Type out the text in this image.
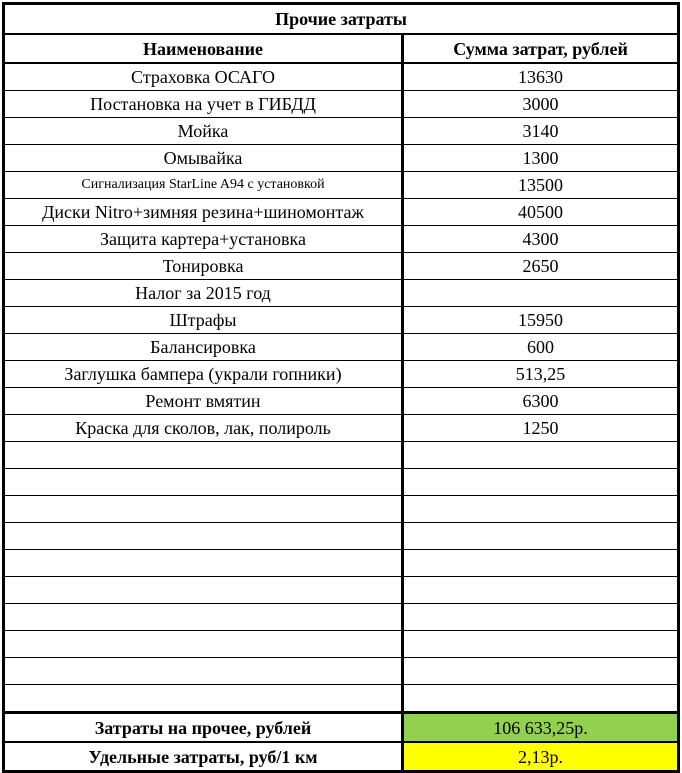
Прочие затраты	
Наименование	Сумма затрат, рублей
Страховка ОСАГО	13630
Постановка на учет в ГИБДД	3000
Мойка	3140
Омывайка	1300
Сигнализация StarLine A94 с установкой	13500
Диски Nitro+зимняя резина+шиномонтаж	40500
Защита картера+установка	4300
Тонировка	2650
Налог за 2015 год	
Штрафы	15950
Балансировка	600
Заглушка бампера (украли гопники)	513,25
Ремонт вмятин	6300
Краска для сколов, лак, полироль	1250

Затраты на прочее, рублей	106 633,25р.
Удельные затраты, руб/1 км	2,13р.
